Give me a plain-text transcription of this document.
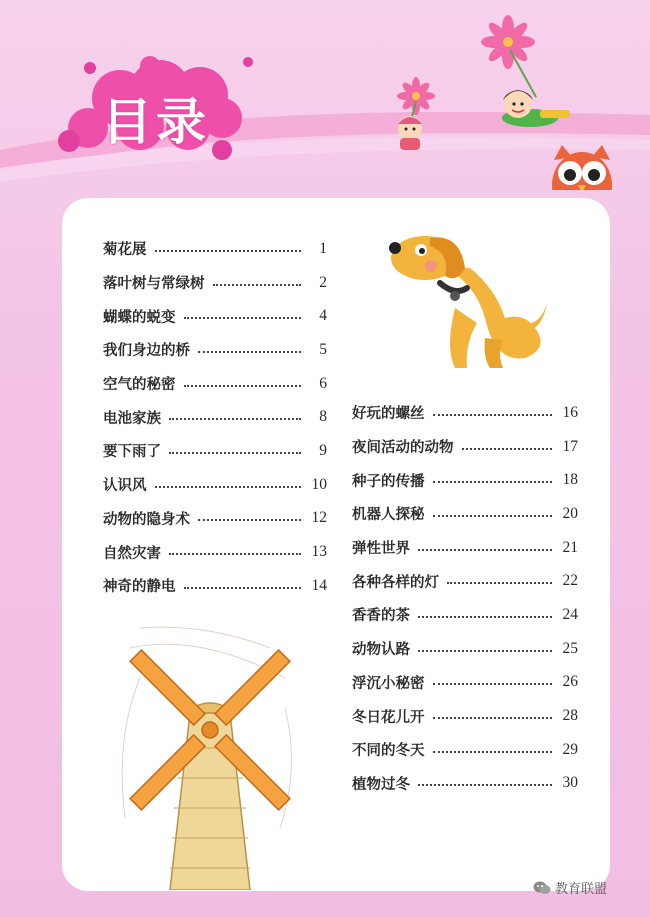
目录
菊花展	1
落叶树与常绿树	2
蝴蝶的蜕变	4
我们身边的桥	5
空气的秘密	6
电池家族	8
要下雨了	9
认识风	10
动物的隐身术	12
自然灾害	13
神奇的静电	14
好玩的螺丝	16
夜间活动的动物	17
种子的传播	18
机器人探秘	20
弹性世界	21
各种各样的灯	22
香香的茶	24
动物认路	25
浮沉小秘密	26
冬日花儿开	28
不同的冬天	29
植物过冬	30
教育联盟
